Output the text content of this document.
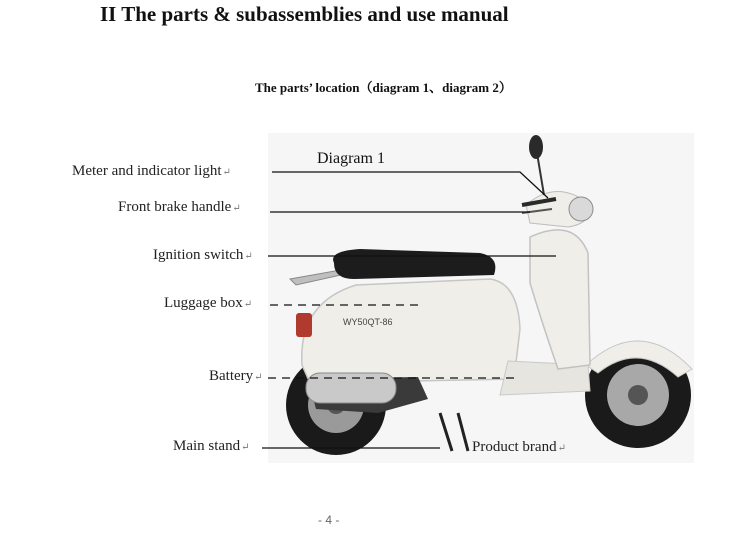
II The parts & subassemblies and use manual
The parts’ location（diagram 1、diagram 2）
WY50QT-86
Diagram 1
Meter and indicator light↵
Front brake handle↵
Ignition switch↵
Luggage box↵
Battery↵
Main stand↵	Product brand↵
- 4 -
